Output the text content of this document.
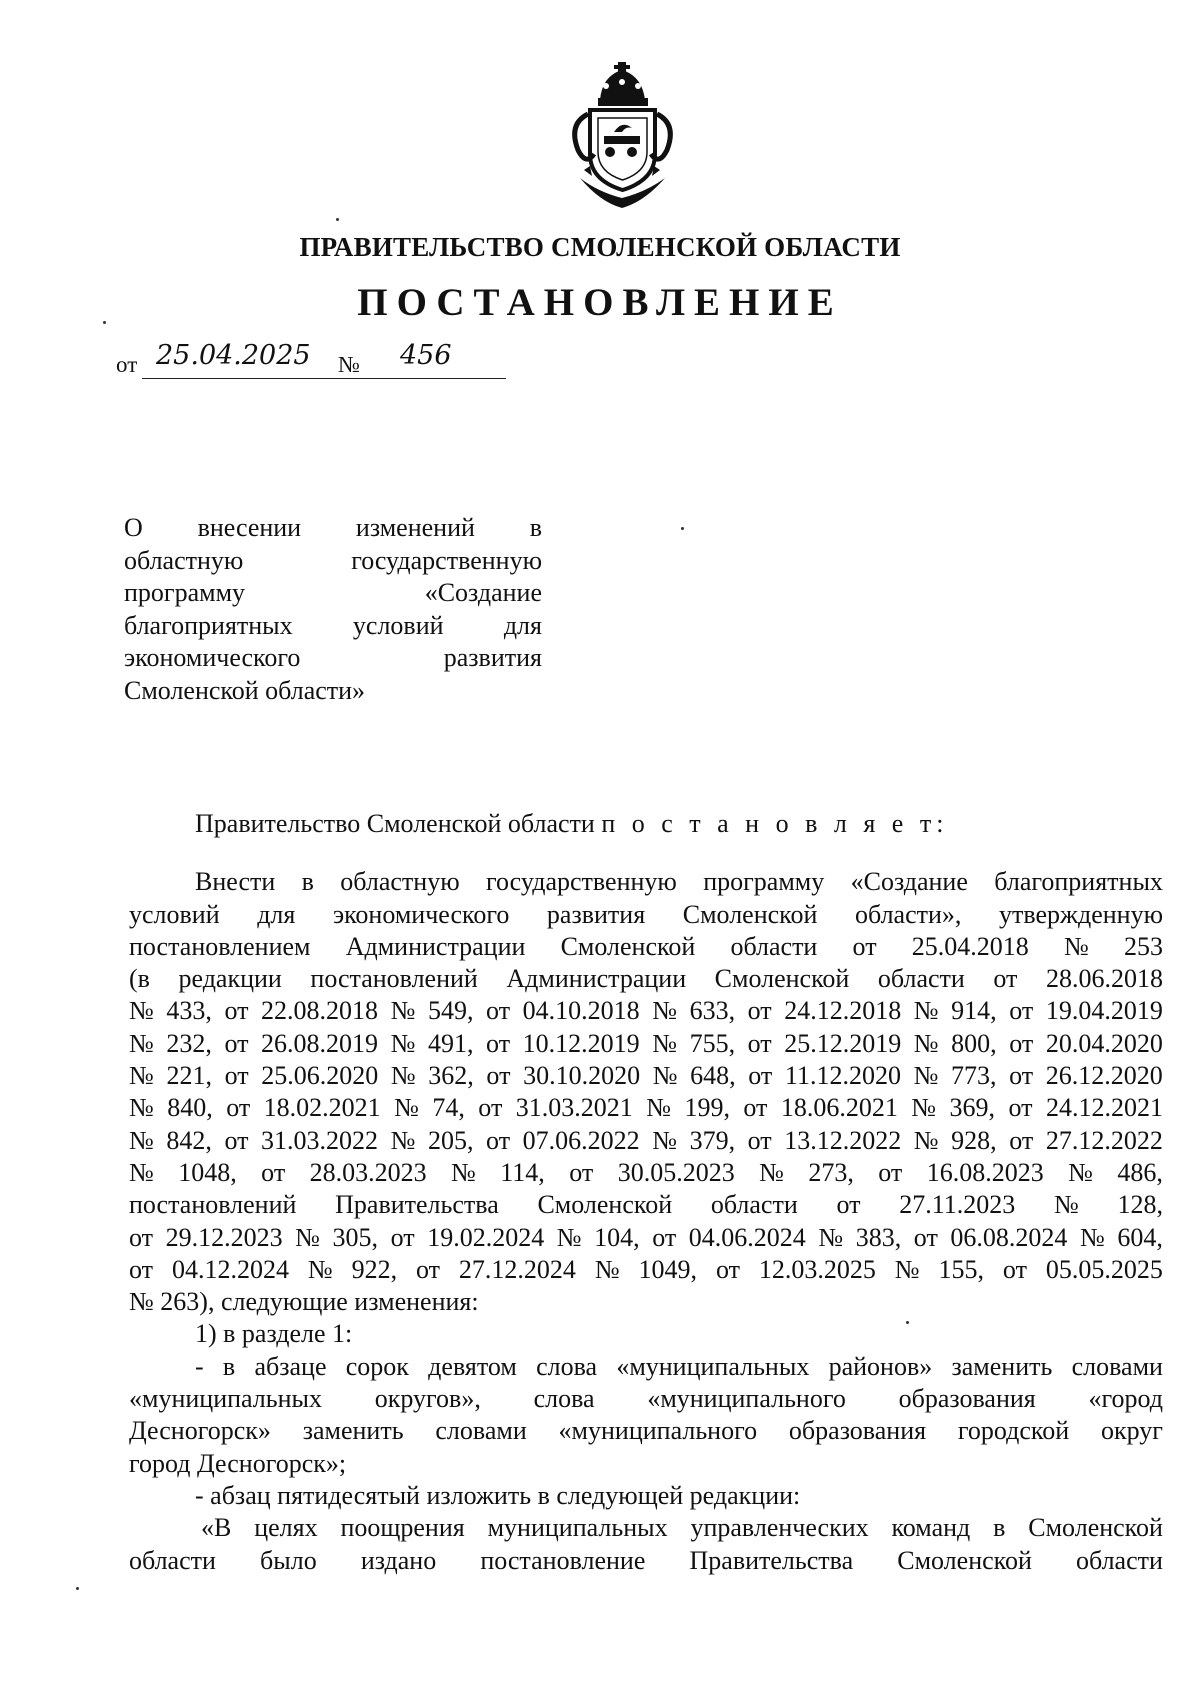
ПРАВИТЕЛЬСТВО СМОЛЕНСКОЙ ОБЛАСТИ
ПОСТАНОВЛЕНИЕ
от 25.04.2025 № 456
О внесении изменений в
областную	государственную
программу	«Создание
благоприятных условий для
экономического	развития
Смоленской области»
Правительство Смоленской области п о с т а н о в л я е т:
Внести в областную государственную программу «Создание благоприятных
условий для экономического развития Смоленской области», утвержденную
постановлением Администрации Смоленской области от 25.04.2018 № 253
(в редакции постановлений Администрации Смоленской области от 28.06.2018
№ 433, от 22.08.2018 № 549, от 04.10.2018 № 633, от 24.12.2018 № 914, от 19.04.2019
№ 232, от 26.08.2019 № 491, от 10.12.2019 № 755, от 25.12.2019 № 800, от 20.04.2020
№ 221, от 25.06.2020 № 362, от 30.10.2020 № 648, от 11.12.2020 № 773, от 26.12.2020
№ 840, от 18.02.2021 № 74, от 31.03.2021 № 199, от 18.06.2021 № 369, от 24.12.2021
№ 842, от 31.03.2022 № 205, от 07.06.2022 № 379, от 13.12.2022 № 928, от 27.12.2022
№ 1048, от 28.03.2023 № 114, от 30.05.2023 № 273, от 16.08.2023 № 486,
постановлений Правительства Смоленской области от 27.11.2023 № 128,
от 29.12.2023 № 305, от 19.02.2024 № 104, от 04.06.2024 № 383, от 06.08.2024 № 604,
от 04.12.2024 № 922, от 27.12.2024 № 1049, от 12.03.2025 № 155, от 05.05.2025
№ 263), следующие изменения:
1) в разделе 1:
- в абзаце сорок девятом слова «муниципальных районов» заменить словами
«муниципальных округов», слова «муниципального образования «город
Десногорск» заменить словами «муниципального образования городской округ
город Десногорск»;
- абзац пятидесятый изложить в следующей редакции:
«В целях поощрения муниципальных управленческих команд в Смоленской
области было издано постановление Правительства Смоленской области
